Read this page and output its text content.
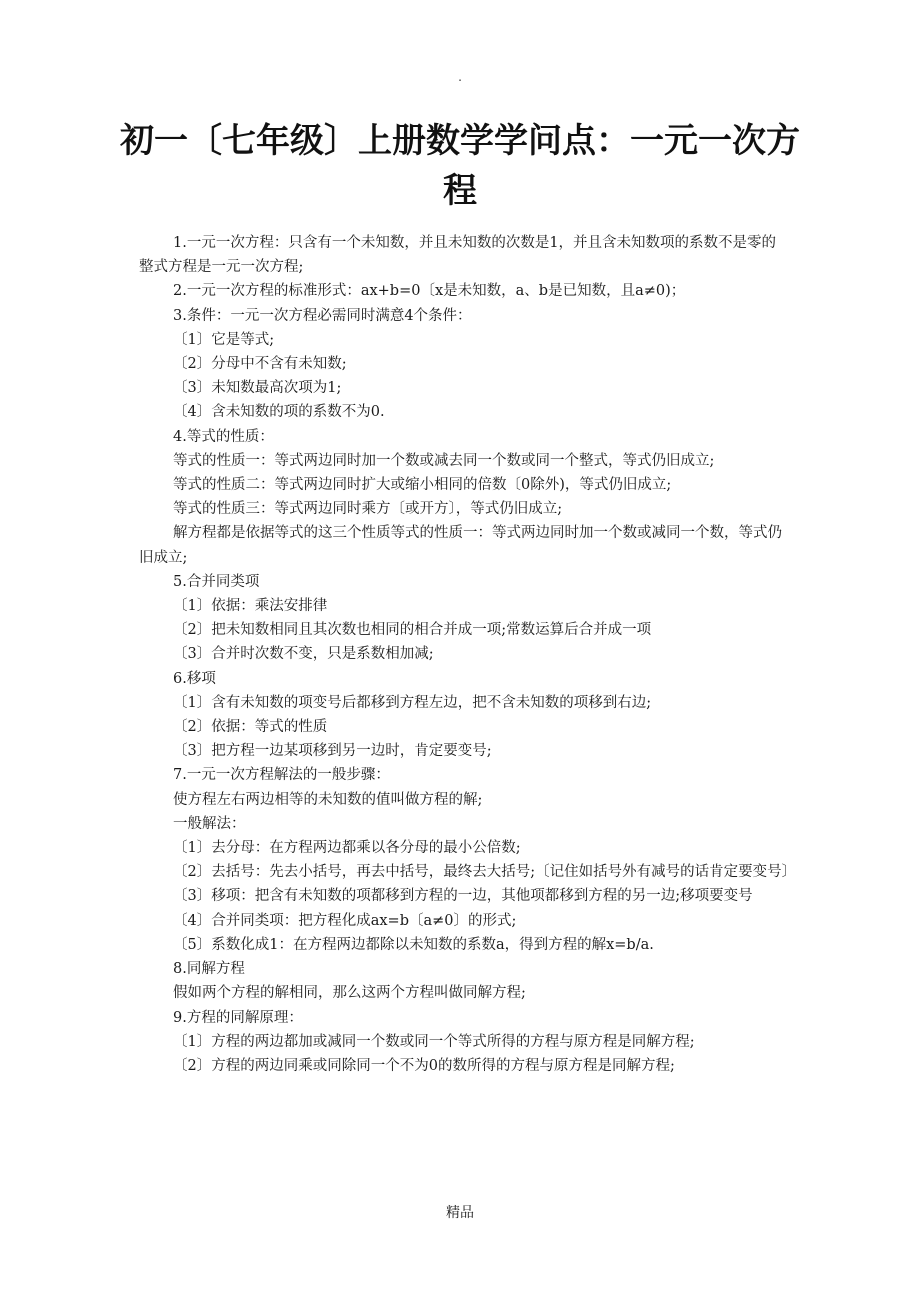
.
初一〔七年级〕上册数学学问点：一元一次方程

1.一元一次方程：只含有一个未知数，并且未知数的次数是1，并且含未知数项的系数不是零的整式方程是一元一次方程;

2.一元一次方程的标准形式：ax+b=0〔x是未知数，a、b是已知数，且a≠0)；

3.条件：一元一次方程必需同时满意4个条件：

〔1〕它是等式;

〔2〕分母中不含有未知数;

〔3〕未知数最高次项为1;

〔4〕含未知数的项的系数不为0.

4.等式的性质：

等式的性质一：等式两边同时加一个数或减去同一个数或同一个整式，等式仍旧成立;

等式的性质二：等式两边同时扩大或缩小相同的倍数〔0除外)，等式仍旧成立;

等式的性质三：等式两边同时乘方〔或开方〕，等式仍旧成立;

解方程都是依据等式的这三个性质等式的性质一：等式两边同时加一个数或减同一个数，等式仍旧成立;

5.合并同类项

〔1〕依据：乘法安排律

〔2〕把未知数相同且其次数也相同的相合并成一项;常数运算后合并成一项

〔3〕合并时次数不变，只是系数相加减;

6.移项

〔1〕含有未知数的项变号后都移到方程左边，把不含未知数的项移到右边;

〔2〕依据：等式的性质

〔3〕把方程一边某项移到另一边时，肯定要变号;

7.一元一次方程解法的一般步骤：

使方程左右两边相等的未知数的值叫做方程的解;

一般解法：

〔1〕去分母：在方程两边都乘以各分母的最小公倍数;

〔2〕去括号：先去小括号，再去中括号，最终去大括号;〔记住如括号外有减号的话肯定要变号〕

〔3〕移项：把含有未知数的项都移到方程的一边，其他项都移到方程的另一边;移项要变号

〔4〕合并同类项：把方程化成ax=b〔a≠0〕的形式;

〔5〕系数化成1：在方程两边都除以未知数的系数a，得到方程的解x=b/a.

8.同解方程

假如两个方程的解相同，那么这两个方程叫做同解方程;

9.方程的同解原理：

〔1〕方程的两边都加或减同一个数或同一个等式所得的方程与原方程是同解方程;

〔2〕方程的两边同乘或同除同一个不为0的数所得的方程与原方程是同解方程;

精品
